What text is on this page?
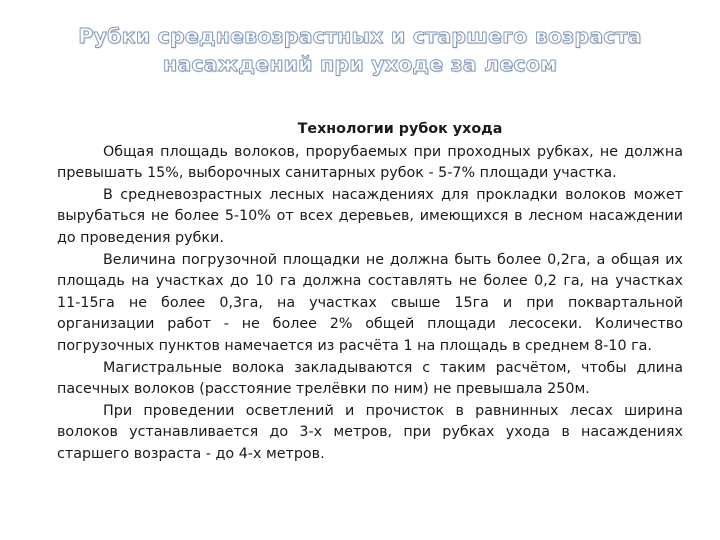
Рубки средневозрастных и старшего возраста насаждений при уходе за лесом
Технологии рубок ухода

Общая площадь волоков, прорубаемых при проходных рубках, не должна превышать 15%, выборочных санитарных рубок - 5-7% площади участка.

В средневозрастных лесных насаждениях для прокладки волоков может вырубаться не более 5-10% от всех деревьев, имеющихся в лесном насаждении до проведения рубки.

Величина погрузочной площадки не должна быть более 0,2га, а общая их площадь на участках до 10 га должна составлять не более 0,2 га, на участках 11-15га не более 0,3га, на участках свыше 15га и при поквартальной организации работ - не более 2% общей площади лесосеки. Количество погрузочных пунктов намечается из расчёта 1 на площадь в среднем 8-10 га.

Магистральные волока закладываются с таким расчётом, чтобы длина пасечных волоков (расстояние трелёвки по ним) не превышала 250м.

При проведении осветлений и прочисток в равнинных лесах ширина волоков устанавливается до 3-х метров, при рубках ухода в насаждениях старшего возраста - до 4-х метров.
